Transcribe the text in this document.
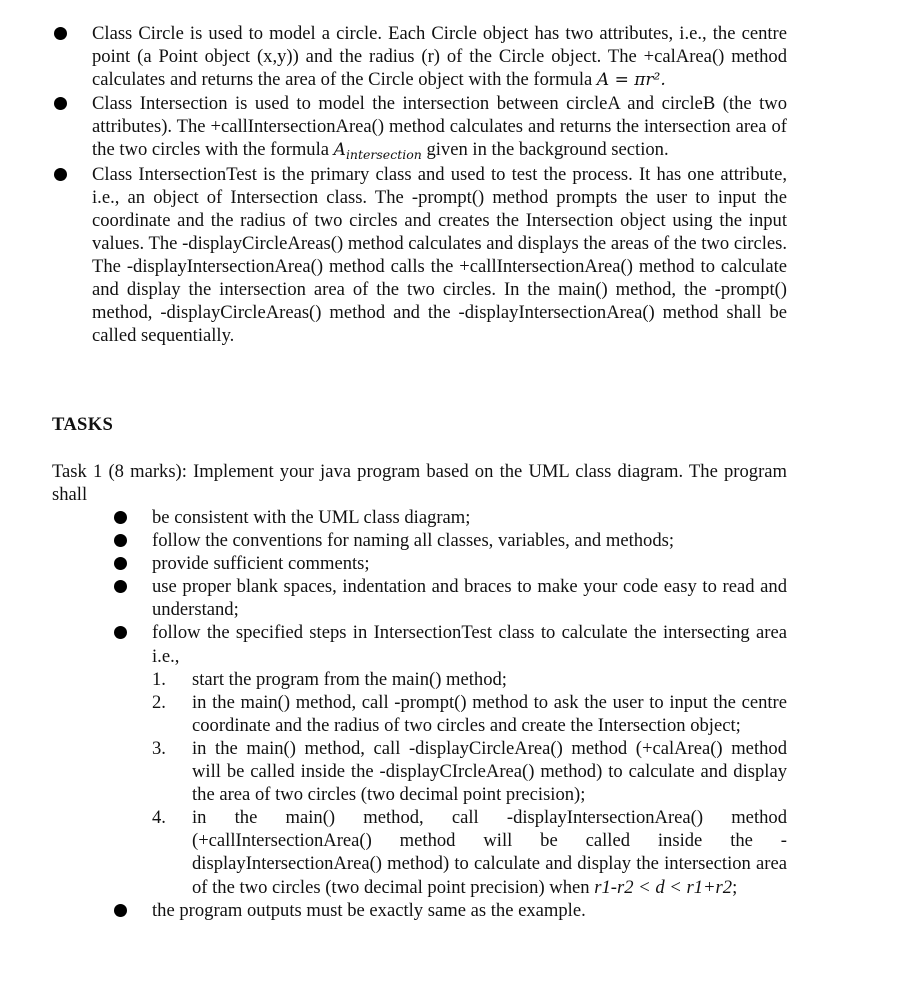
Class Circle is used to model a circle. Each Circle object has two attributes, i.e., the centre point (a Point object (x,y)) and the radius (r) of the Circle object. The +calArea() method calculates and returns the area of the Circle object with the formula A = πr².
Class Intersection is used to model the intersection between circleA and circleB (the two attributes). The +callIntersectionArea() method calculates and returns the intersection area of the two circles with the formula $A_{intersection}$ given in the background section.
Class IntersectionTest is the primary class and used to test the process. It has one attribute, i.e., an object of Intersection class. The -prompt() method prompts the user to input the coordinate and the radius of two circles and creates the Intersection object using the input values. The -displayCircleAreas() method calculates and displays the areas of the two circles. The -displayIntersectionArea() method calls the +callIntersectionArea() method to calculate and display the intersection area of the two circles. In the main() method, the -prompt() method, -displayCircleAreas() method and the -displayIntersectionArea() method shall be called sequentially.
TASKS
Task 1 (8 marks): Implement your java program based on the UML class diagram. The program shall
be consistent with the UML class diagram;
follow the conventions for naming all classes, variables, and methods;
provide sufficient comments;
use proper blank spaces, indentation and braces to make your code easy to read and understand;
follow the specified steps in IntersectionTest class to calculate the intersecting area i.e.,
1.	start the program from the main() method;
2.	in the main() method, call -prompt() method to ask the user to input the centre coordinate and the radius of two circles and create the Intersection object;
3.	in the main() method, call -displayCircleArea() method (+calArea() method will be called inside the -displayCIrcleArea() method) to calculate and display the area of two circles (two decimal point precision);
4.	in the main() method, call -displayIntersectionArea() method (+callIntersectionArea() method will be called inside the -displayIntersectionArea() method) to calculate and display the intersection area of the two circles (two decimal point precision) when r1-r2 < d < r1+r2;
the program outputs must be exactly same as the example.
